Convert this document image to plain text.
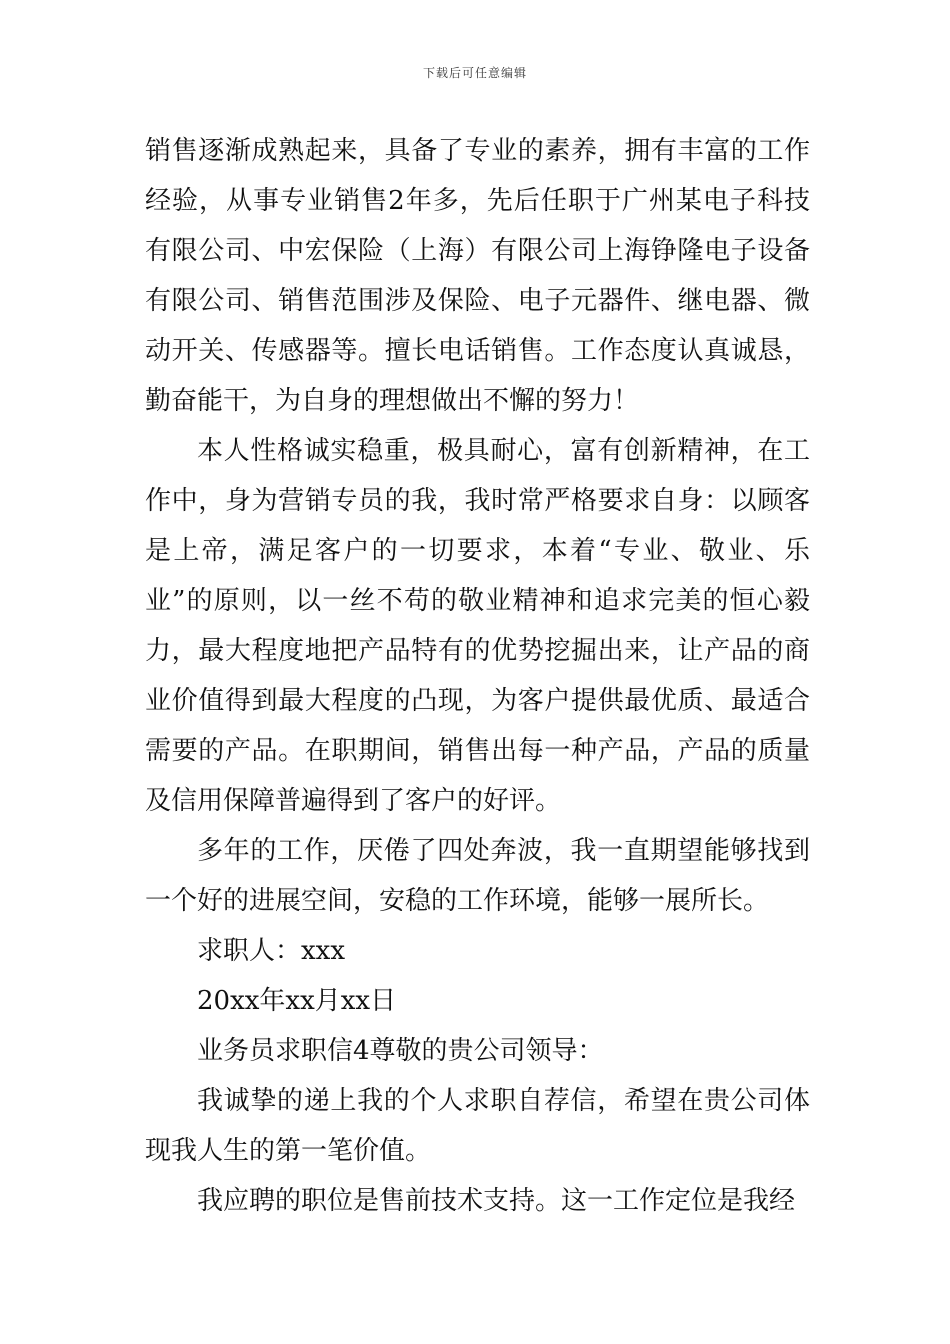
下载后可任意编辑

销售逐渐成熟起来，具备了专业的素养，拥有丰富的工作经验，从事专业销售2年多，先后任职于广州某电子科技有限公司、中宏保险（上海）有限公司上海铮隆电子设备有限公司、销售范围涉及保险、电子元器件、继电器、微动开关、传感器等。擅长电话销售。工作态度认真诚恳，勤奋能干，为自身的理想做出不懈的努力！

本人性格诚实稳重，极具耐心，富有创新精神，在工作中，身为营销专员的我，我时常严格要求自身：以顾客是上帝，满足客户的一切要求，本着“专业、敬业、乐业”的原则，以一丝不苟的敬业精神和追求完美的恒心毅力，最大程度地把产品特有的优势挖掘出来，让产品的商业价值得到最大程度的凸现，为客户提供最优质、最适合需要的产品。在职期间，销售出每一种产品，产品的质量及信用保障普遍得到了客户的好评。

多年的工作，厌倦了四处奔波，我一直期望能够找到一个好的进展空间，安稳的工作环境，能够一展所长。

求职人：xxx

20xx年xx月xx日

业务员求职信4尊敬的贵公司领导：

我诚挚的递上我的个人求职自荐信，希望在贵公司体现我人生的第一笔价值。

我应聘的职位是售前技术支持。这一工作定位是我经
